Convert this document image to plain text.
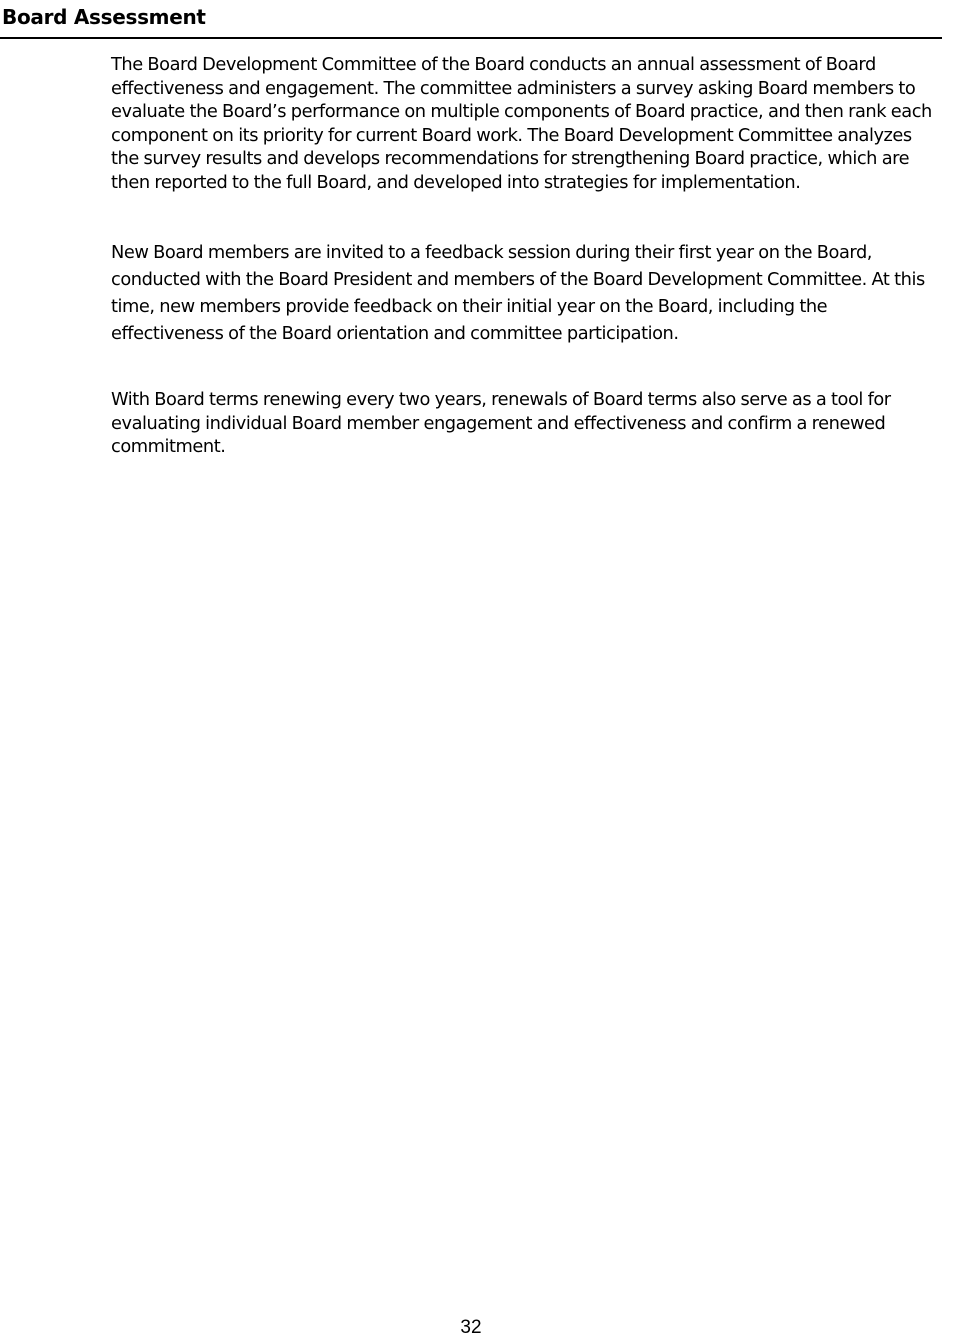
Board Assessment

The Board Development Committee of the Board conducts an annual assessment of Board effectiveness and engagement. The committee administers a survey asking Board members to evaluate the Board’s performance on multiple components of Board practice, and then rank each component on its priority for current Board work. The Board Development Committee analyzes the survey results and develops recommendations for strengthening Board practice, which are then reported to the full Board, and developed into strategies for implementation.

New Board members are invited to a feedback session during their first year on the Board, conducted with the Board President and members of the Board Development Committee. At this time, new members provide feedback on their initial year on the Board, including the effectiveness of the Board orientation and committee participation.

With Board terms renewing every two years, renewals of Board terms also serve as a tool for evaluating individual Board member engagement and effectiveness and confirm a renewed commitment.

32
